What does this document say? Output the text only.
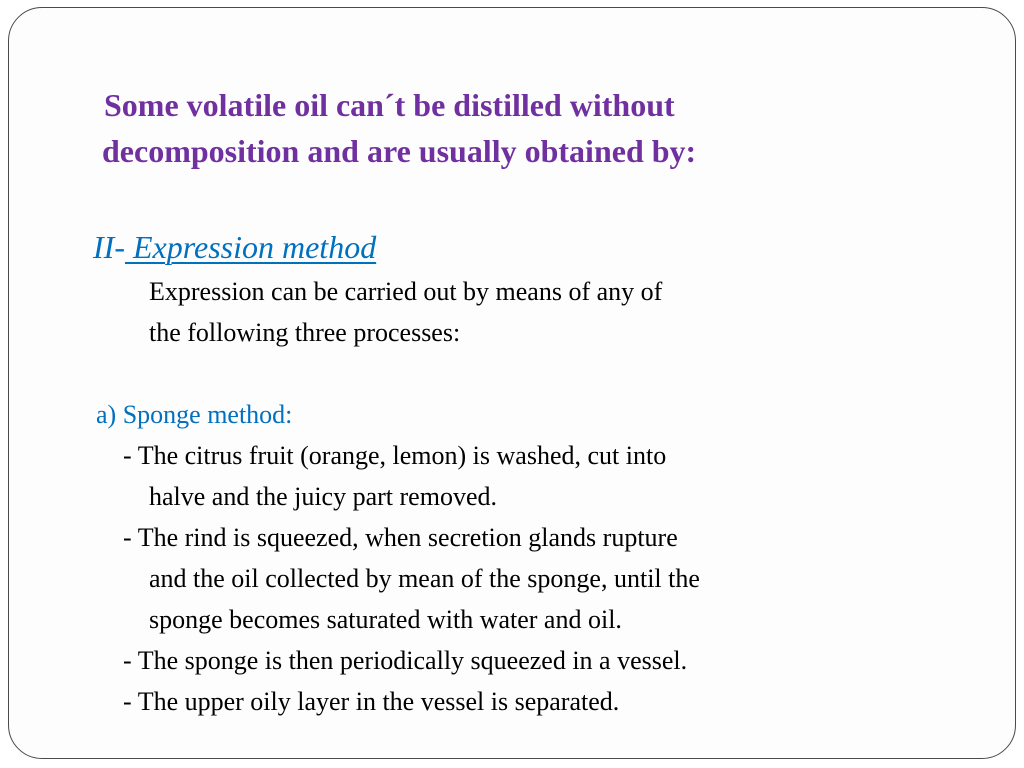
Some volatile oil can´t be distilled without

decomposition and are usually obtained by:

II- Expression method

Expression can be carried out by means of any of

the following three processes:

a) Sponge method:

- The citrus fruit (orange, lemon) is washed, cut into

halve and the juicy part removed.

- The rind is squeezed, when secretion glands rupture

and the oil collected by mean of the sponge, until the

sponge becomes saturated with water and oil.

- The sponge is then periodically squeezed in a vessel.

- The upper oily layer in the vessel is separated.
